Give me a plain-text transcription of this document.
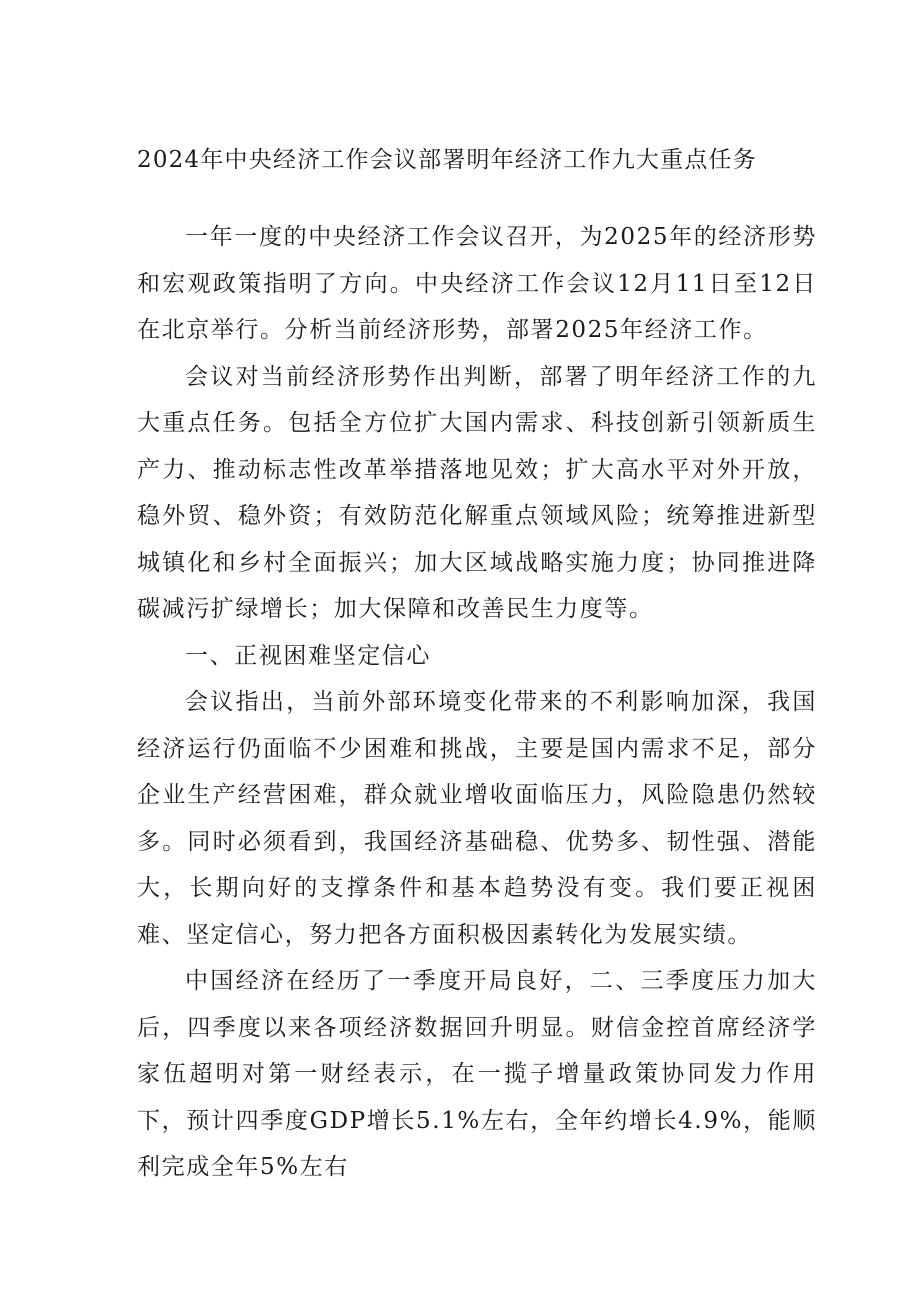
2024年中央经济工作会议部署明年经济工作九大重点任务

一年一度的中央经济工作会议召开，为2025年的经济形势和宏观政策指明了方向。中央经济工作会议12月11日至12日在北京举行。分析当前经济形势，部署2025年经济工作。

会议对当前经济形势作出判断，部署了明年经济工作的九大重点任务。包括全方位扩大国内需求、科技创新引领新质生产力、推动标志性改革举措落地见效；扩大高水平对外开放，稳外贸、稳外资；有效防范化解重点领域风险；统筹推进新型城镇化和乡村全面振兴；加大区域战略实施力度；协同推进降碳减污扩绿增长；加大保障和改善民生力度等。

一、正视困难坚定信心

会议指出，当前外部环境变化带来的不利影响加深，我国经济运行仍面临不少困难和挑战，主要是国内需求不足，部分企业生产经营困难，群众就业增收面临压力，风险隐患仍然较多。同时必须看到，我国经济基础稳、优势多、韧性强、潜能大，长期向好的支撑条件和基本趋势没有变。我们要正视困难、坚定信心，努力把各方面积极因素转化为发展实绩。

中国经济在经历了一季度开局良好，二、三季度压力加大后，四季度以来各项经济数据回升明显。财信金控首席经济学家伍超明对第一财经表示，在一揽子增量政策协同发力作用下，预计四季度GDP增长5.1%左右，全年约增长4.9%，能顺利完成全年5%左右
